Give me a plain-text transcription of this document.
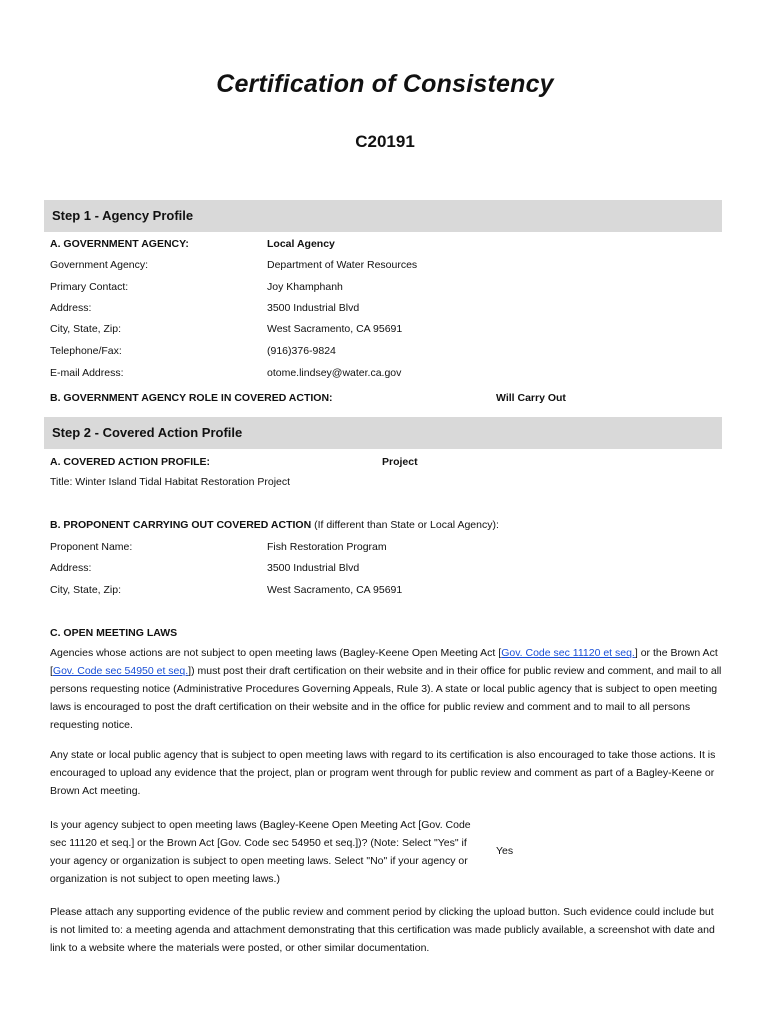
Certification of Consistency
C20191
Step 1 - Agency Profile
A. GOVERNMENT AGENCY:	Local Agency
Government Agency:	Department of Water Resources
Primary Contact:	Joy Khamphanh
Address:	3500 Industrial Blvd
City, State, Zip:	West Sacramento, CA 95691
Telephone/Fax:	(916)376-9824
E-mail Address:	otome.lindsey@water.ca.gov
B. GOVERNMENT AGENCY ROLE IN COVERED ACTION:	Will Carry Out
Step 2 - Covered Action Profile
A. COVERED ACTION PROFILE:	Project
Title: Winter Island Tidal Habitat Restoration Project
B. PROPONENT CARRYING OUT COVERED ACTION (If different than State or Local Agency):
Proponent Name:	Fish Restoration Program
Address:	3500 Industrial Blvd
City, State, Zip:	West Sacramento, CA 95691
C. OPEN MEETING LAWS
Agencies whose actions are not subject to open meeting laws (Bagley-Keene Open Meeting Act [Gov. Code sec 11120 et seq.] or the Brown Act [Gov. Code sec 54950 et seq.]) must post their draft certification on their website and in their office for public review and comment, and mail to all persons requesting notice (Administrative Procedures Governing Appeals, Rule 3). A state or local public agency that is subject to open meeting laws is encouraged to post the draft certification on their website and in the office for public review and comment and to mail to all persons requesting notice.
Any state or local public agency that is subject to open meeting laws with regard to its certification is also encouraged to take those actions. It is encouraged to upload any evidence that the project, plan or program went through for public review and comment as part of a Bagley-Keene or Brown Act meeting.
Is your agency subject to open meeting laws (Bagley-Keene Open Meeting Act [Gov. Code sec 11120 et seq.] or the Brown Act [Gov. Code sec 54950 et seq.])? (Note: Select "Yes" if your agency or organization is subject to open meeting laws. Select "No" if your agency or organization is not subject to open meeting laws.)
Yes
Please attach any supporting evidence of the public review and comment period by clicking the upload button. Such evidence could include but is not limited to: a meeting agenda and attachment demonstrating that this certification was made publicly available, a screenshot with date and link to a website where the materials were posted, or other similar documentation.
